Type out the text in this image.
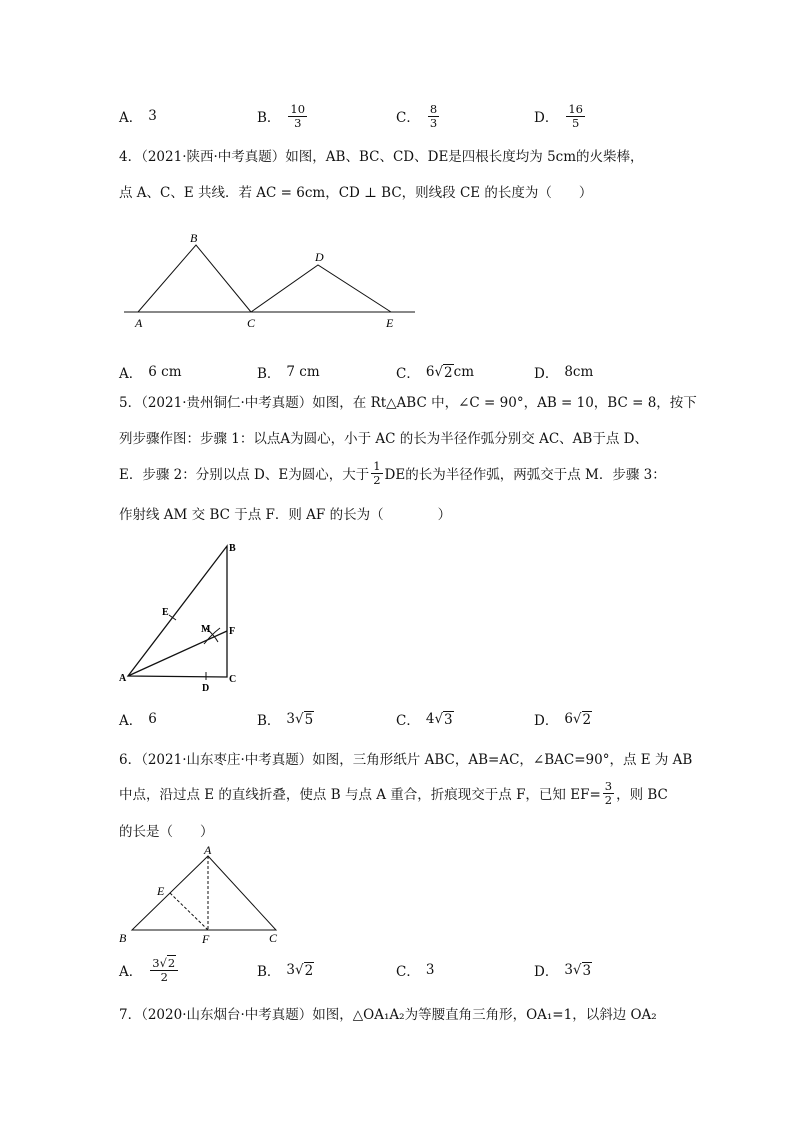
A． 3	B． $\frac{10}{3}$	C． $\frac{8}{3}$	D． $\frac{16}{5}$
4．（2021·陕西·中考真题）如图，AB、BC、CD、DE是四根长度均为 5cm的火柴棒，
点 A、C、E 共线．若 AC = 6cm，CD ⊥ BC，则线段 CE 的长度为（　　）
B
D
A	C	E
A． 6 cm	B． 7 cm	C． 6 √ 2 cm	D． 8cm
5．（2021·贵州铜仁·中考真题）如图，在 Rt△ABC 中，∠C = 90°，AB = 10，BC = 8，按下
列步骤作图：步骤 1：以点A为圆心，小于 AC 的长为半径作弧分别交 AC、AB于点 D、
E．步骤 2：分别以点 D、E为圆心，大于 $\frac{1}{2}$ DE的长为半径作弧，两弧交于点 M．步骤 3：
作射线 AM 交 BC 于点 F．则 AF 的长为（　　　　）
B
E
M F
A
D
C
A． 6	B． 3 √ 5	C． 4 √ 3	D． 6 √ 2
6．（2021·山东枣庄·中考真题）如图，三角形纸片 ABC，AB=AC，∠BAC=90°，点 E 为 AB
中点，沿过点 E 的直线折叠，使点 B 与点 A 重合，折痕现交于点 F，已知 $EF= \frac{3}{2}$ ，则 BC
的长是（　　）
A
E
B	F	C
A． $\frac{3√2}{2}$	B． 3 √ 2	C． 3	D． 3 √ 3
7．（2020·山东烟台·中考真题）如图，△OA₁A₂为等腰直角三角形，OA₁=1，以斜边 OA₂
